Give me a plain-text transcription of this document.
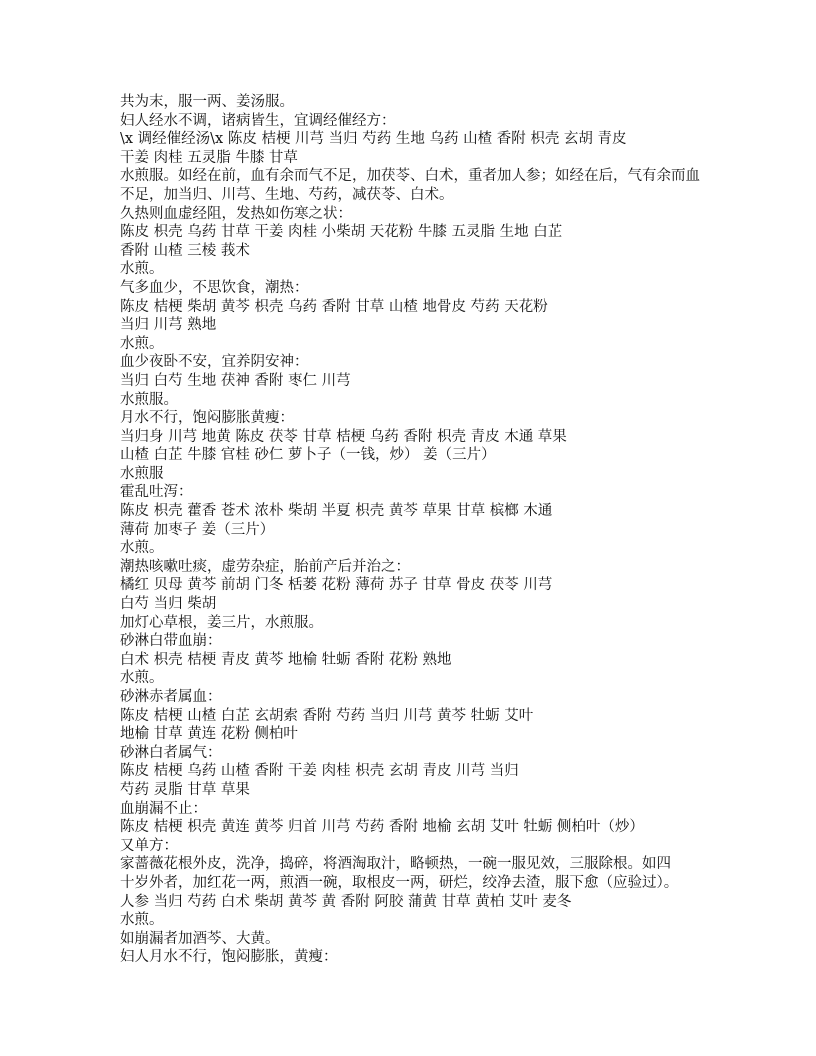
共为末，服一两、姜汤服。
妇人经水不调，诸病皆生，宜调经催经方：
\x 调经催经汤\x 陈皮 桔梗 川芎 当归 芍药 生地 乌药 山楂 香附 枳壳 玄胡 青皮
干姜 肉桂 五灵脂 牛膝 甘草
水煎服。如经在前，血有余而气不足，加茯苓、白术，重者加人参；如经在后，气有余而血
不足，加当归、川芎、生地、芍药，减茯苓、白术。
久热则血虚经阻，发热如伤寒之状：
陈皮 枳壳 乌药 甘草 干姜 肉桂 小柴胡 天花粉 牛膝 五灵脂 生地 白芷
香附 山楂 三棱 莪术
水煎。
气多血少，不思饮食，潮热：
陈皮 桔梗 柴胡 黄芩 枳壳 乌药 香附 甘草 山楂 地骨皮 芍药 天花粉
当归 川芎 熟地
水煎。
血少夜卧不安，宜养阴安神：
当归 白芍 生地 茯神 香附 枣仁 川芎
水煎服。
月水不行，饱闷膨胀黄瘦：
当归身 川芎 地黄 陈皮 茯苓 甘草 桔梗 乌药 香附 枳壳 青皮 木通 草果
山楂 白芷 牛膝 官桂 砂仁 萝卜子（一钱，炒） 姜（三片）
水煎服
霍乱吐泻：
陈皮 枳壳 藿香 苍术 浓朴 柴胡 半夏 枳壳 黄芩 草果 甘草 槟榔 木通
薄荷 加枣子 姜（三片）
水煎。
潮热咳嗽吐痰，虚劳杂症，胎前产后并治之：
橘红 贝母 黄芩 前胡 门冬 栝蒌 花粉 薄荷 苏子 甘草 骨皮 茯苓 川芎
白芍 当归 柴胡
加灯心草根，姜三片，水煎服。
砂淋白带血崩：
白术 枳壳 桔梗 青皮 黄芩 地榆 牡蛎 香附 花粉 熟地
水煎。
砂淋赤者属血：
陈皮 桔梗 山楂 白芷 玄胡索 香附 芍药 当归 川芎 黄芩 牡蛎 艾叶
地榆 甘草 黄连 花粉 侧柏叶
砂淋白者属气：
陈皮 桔梗 乌药 山楂 香附 干姜 肉桂 枳壳 玄胡 青皮 川芎 当归
芍药 灵脂 甘草 草果
血崩漏不止：
陈皮 桔梗 枳壳 黄连 黄芩 归首 川芎 芍药 香附 地榆 玄胡 艾叶 牡蛎 侧柏叶（炒）
又单方：
家蔷薇花根外皮，洗净，捣碎，将酒淘取汁，略顿热，一碗一服见效，三服除根。如四
十岁外者，加红花一两，煎酒一碗，取根皮一两，研烂，绞净去渣，服下愈（应验过）。
人参 当归 芍药 白术 柴胡 黄芩 黄 香附 阿胶 蒲黄 甘草 黄柏 艾叶 麦冬
水煎。
如崩漏者加酒芩、大黄。
妇人月水不行，饱闷膨胀，黄瘦：
